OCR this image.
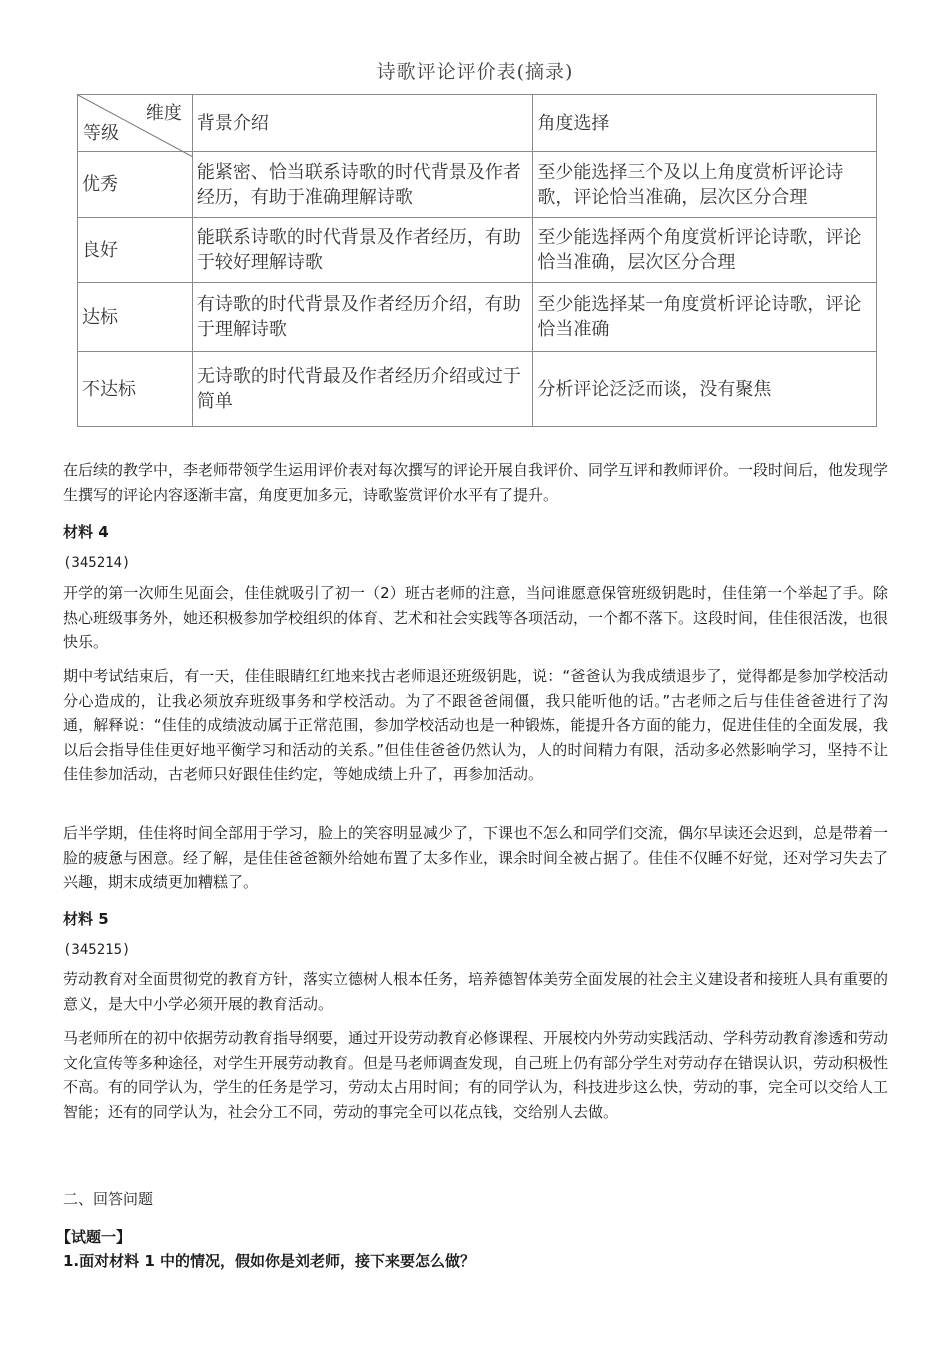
诗歌评论评价表(摘录)
维度
等级	背景介绍	角度选择
优秀	能紧密、恰当联系诗歌的时代背景及作者经历，有助于准确理解诗歌	至少能选择三个及以上角度赏析评论诗歌，评论恰当准确，层次区分合理
良好	能联系诗歌的时代背景及作者经历，有助于较好理解诗歌	至少能选择两个角度赏析评论诗歌，评论恰当准确，层次区分合理
达标	有诗歌的时代背景及作者经历介绍，有助于理解诗歌	至少能选择某一角度赏析评论诗歌，评论恰当准确
不达标	无诗歌的时代背最及作者经历介绍或过于简单	分析评论泛泛而谈，没有聚焦
在后续的教学中，李老师带领学生运用评价表对每次撰写的评论开展自我评价、同学互评和教师评价。一段时间后，他发现学生撰写的评论内容逐渐丰富，角度更加多元，诗歌鉴赏评价水平有了提升。
材料 4
(345214)
开学的第一次师生见面会，佳佳就吸引了初一（2）班古老师的注意，当问谁愿意保管班级钥匙时，佳佳第一个举起了手。除热心班级事务外，她还积极参加学校组织的体育、艺术和社会实践等各项活动，一个都不落下。这段时间，佳佳很活泼，也很快乐。
期中考试结束后，有一天，佳佳眼睛红红地来找古老师退还班级钥匙，说：“爸爸认为我成绩退步了，觉得都是参加学校活动分心造成的，让我必须放弃班级事务和学校活动。为了不跟爸爸闹僵，我只能听他的话。”古老师之后与佳佳爸爸进行了沟通，解释说：“佳佳的成绩波动属于正常范围，参加学校活动也是一种锻炼，能提升各方面的能力，促进佳佳的全面发展，我以后会指导佳佳更好地平衡学习和活动的关系。”但佳佳爸爸仍然认为，人的时间精力有限，活动多必然影响学习，坚持不让佳佳参加活动，古老师只好跟佳佳约定，等她成绩上升了，再参加活动。
后半学期，佳佳将时间全部用于学习，脸上的笑容明显减少了，下课也不怎么和同学们交流，偶尔早读还会迟到，总是带着一脸的疲惫与困意。经了解，是佳佳爸爸额外给她布置了太多作业，课余时间全被占据了。佳佳不仅睡不好觉，还对学习失去了兴趣，期末成绩更加糟糕了。
材料 5
(345215)
劳动教育对全面贯彻党的教育方针，落实立德树人根本任务，培养德智体美劳全面发展的社会主义建设者和接班人具有重要的意义，是大中小学必须开展的教育活动。
马老师所在的初中依据劳动教育指导纲要，通过开设劳动教育必修课程、开展校内外劳动实践活动、学科劳动教育渗透和劳动文化宣传等多种途径，对学生开展劳动教育。但是马老师调查发现，自己班上仍有部分学生对劳动存在错误认识，劳动积极性不高。有的同学认为，学生的任务是学习，劳动太占用时间；有的同学认为，科技进步这么快，劳动的事，完全可以交给人工智能；还有的同学认为，社会分工不同，劳动的事完全可以花点钱，交给别人去做。
二、回答问题
【试题一】
1.面对材料 1 中的情况，假如你是刘老师，接下来要怎么做？
